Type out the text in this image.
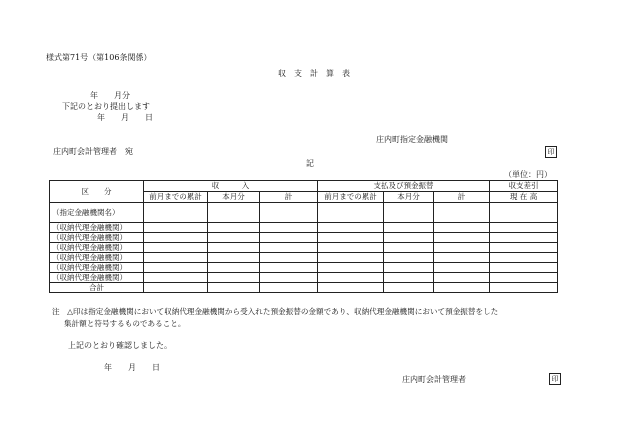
様式第71号（第106条関係）
収　支　計　算　表
年　　月分
下記のとおり提出します
年　　月　　日
庄内町指定金融機関
印
庄内町会計管理者　宛
記
（単位：円）
区　　分	収　　　入			支払及び預金振替			収支差引
	前月までの累計	本月分	計	前月までの累計	本月分	計	現 在 高
（指定金融機関名）							
（収納代理金融機関）							
（収納代理金融機関）							
（収納代理金融機関）							
（収納代理金融機関）							
（収納代理金融機関）							
（収納代理金融機関）							
合計							
注　△印は指定金融機関において収納代理金融機関から受入れた預金振替の金額であり、収納代理金融機関において預金振替をした
集計額と符号するものであること。
上記のとおり確認しました。
年　　月　　日
庄内町会計管理者	印
